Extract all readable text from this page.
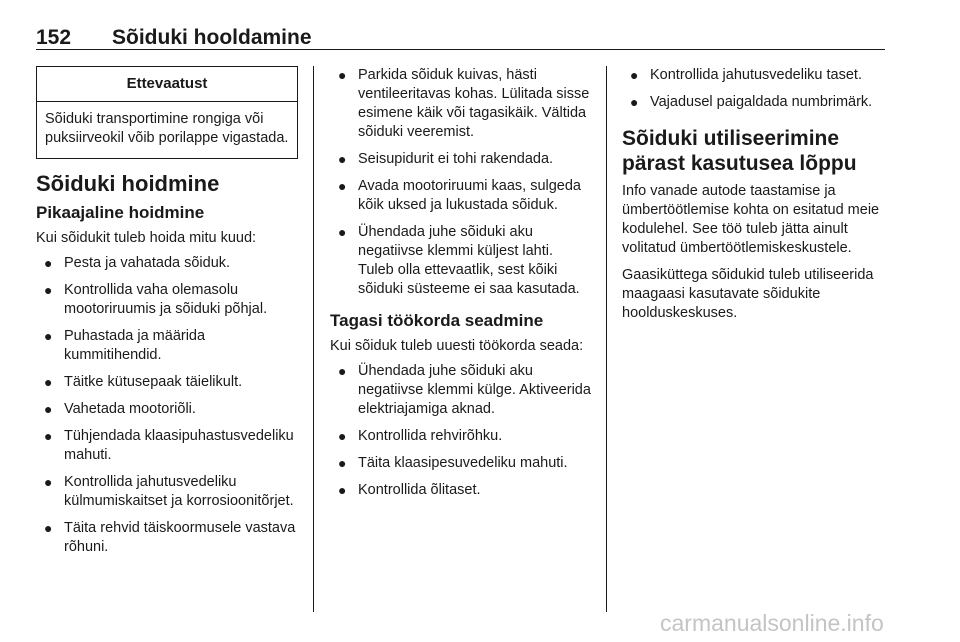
152 Sõiduki hooldamine
Ettevaatust
Sõiduki transportimine rongiga või puksiirveokil võib porilappe vigastada.
Sõiduki hoidmine
Pikaajaline hoidmine

Kui sõidukit tuleb hoida mitu kuud:

● Pesta ja vahatada sõiduk.
● Kontrollida vaha olemasolu mootoriruumis ja sõiduki põhjal.
● Puhastada ja määrida kummitihendid.
● Täitke kütusepaak täielikult.
● Vahetada mootoriõli.
● Tühjendada klaasipuhastusvedeliku mahuti.
● Kontrollida jahutusvedeliku külmumiskaitset ja korrosioonitõrjet.
● Täita rehvid täiskoormusele vastava rõhuni.
● Parkida sõiduk kuivas, hästi ventileeritavas kohas. Lülitada sisse esimene käik või tagasikäik. Vältida sõiduki veeremist.
● Seisupidurit ei tohi rakendada.
● Avada mootoriruumi kaas, sulgeda kõik uksed ja lukustada sõiduk.
● Ühendada juhe sõiduki aku negatiivse klemmi küljest lahti. Tuleb olla ettevaatlik, sest kõiki sõiduki süsteeme ei saa kasutada.
Tagasi töökorda seadmine

Kui sõiduk tuleb uuesti töökorda seada:

● Ühendada juhe sõiduki aku negatiivse klemmi külge. Aktiveerida elektriajamiga aknad.
● Kontrollida rehvirõhku.
● Täita klaasipesuvedeliku mahuti.
● Kontrollida õlitaset.
● Kontrollida jahutusvedeliku taset.
● Vajadusel paigaldada numbrimärk.
Sõiduki utiliseerimine pärast kasutusea lõppu

Info vanade autode taastamise ja ümbertöötlemise kohta on esitatud meie kodulehel. See töö tuleb jätta ainult volitatud ümbertöötlemiskeskustele.

Gaasiküttega sõidukid tuleb utiliseerida maagaasi kasutavate sõidukite hoolduskeskuses.

carmanualsonline.info
